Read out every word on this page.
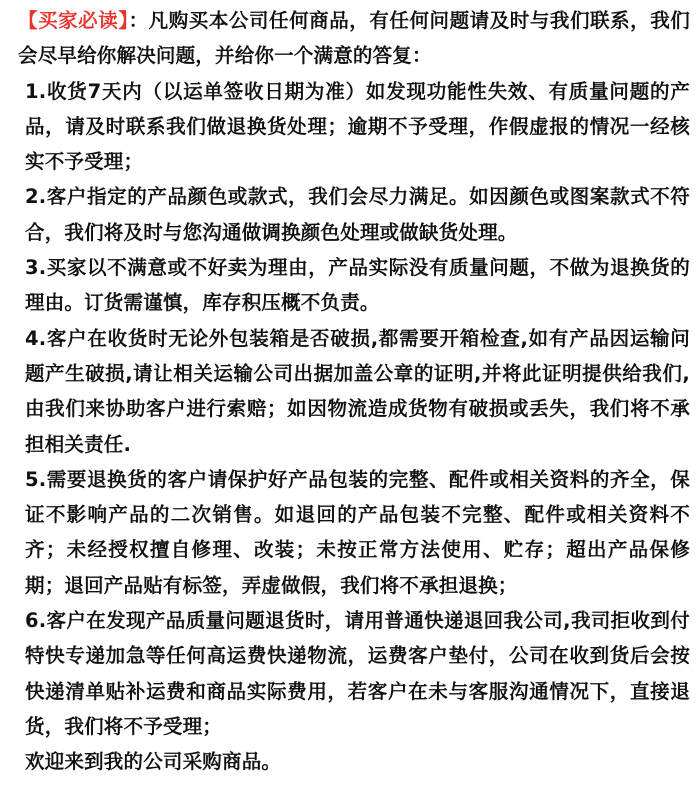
【买家必读】：凡购买本公司任何商品，有任何问题请及时与我们联系，我们会尽早给你解决问题，并给你一个满意的答复：

1.收货7天内（以运单签收日期为准）如发现功能性失效、有质量问题的产品，请及时联系我们做退换货处理；逾期不予受理，作假虚报的情况一经核实不予受理；

2.客户指定的产品颜色或款式，我们会尽力满足。如因颜色或图案款式不符合，我们将及时与您沟通做调换颜色处理或做缺货处理。

3.买家以不满意或不好卖为理由，产品实际没有质量问题，不做为退换货的理由。订货需谨慎，库存积压概不负责。

4.客户在收货时无论外包装箱是否破损,都需要开箱检查,如有产品因运输问题产生破损,请让相关运输公司出据加盖公章的证明,并将此证明提供给我们,由我们来协助客户进行索赔；如因物流造成货物有破损或丢失，我们将不承担相关责任.

5.需要退换货的客户请保护好产品包装的完整、配件或相关资料的齐全，保证不影响产品的二次销售。如退回的产品包装不完整、配件或相关资料不齐；未经授权擅自修理、改装；未按正常方法使用、贮存；超出产品保修期；退回产品贴有标签，弄虚做假，我们将不承担退换；

6.客户在发现产品质量问题退货时，请用普通快递退回我公司,我司拒收到付特快专递加急等任何高运费快递物流，运费客户垫付，公司在收到货后会按快递清单贴补运费和商品实际费用，若客户在未与客服沟通情况下，直接退货，我们将不予受理；

欢迎来到我的公司采购商品。
